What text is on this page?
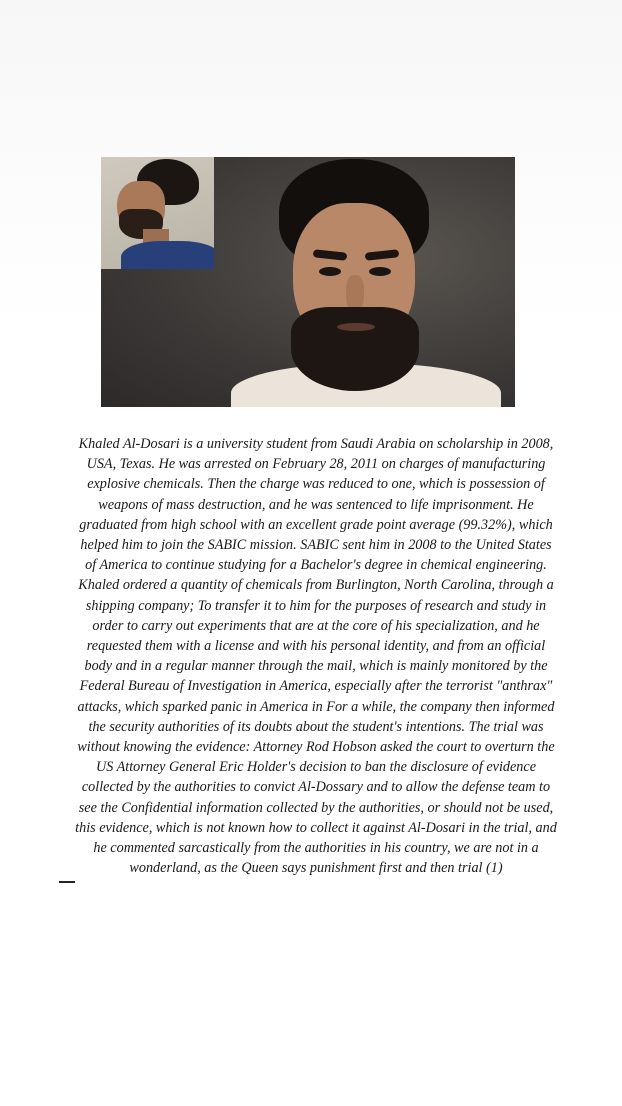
Khaled Al-Dosari is a university student from Saudi Arabia on scholarship in 2008, USA, Texas. He was arrested on February 28, 2011 on charges of manufacturing explosive chemicals. Then the charge was reduced to one, which is possession of weapons of mass destruction, and he was sentenced to life imprisonment. He graduated from high school with an excellent grade point average (99.32%), which helped him to join the SABIC mission. SABIC sent him in 2008 to the United States of America to continue studying for a Bachelor's degree in chemical engineering. Khaled ordered a quantity of chemicals from Burlington, North Carolina, through a shipping company; To transfer it to him for the purposes of research and study in order to carry out experiments that are at the core of his specialization, and he requested them with a license and with his personal identity, and from an official body and in a regular manner through the mail, which is mainly monitored by the Federal Bureau of Investigation in America, especially after the terrorist "anthrax" attacks, which sparked panic in America in For a while, the company then informed the security authorities of its doubts about the student's intentions. The trial was without knowing the evidence: Attorney Rod Hobson asked the court to overturn the US Attorney General Eric Holder's decision to ban the disclosure of evidence collected by the authorities to convict Al-Dossary and to allow the defense team to see the Confidential information collected by the authorities, or should not be used, this evidence, which is not known how to collect it against Al-Dosari in the trial, and he commented sarcastically from the authorities in his country, we are not in a wonderland, as the Queen says punishment first and then trial (1)
